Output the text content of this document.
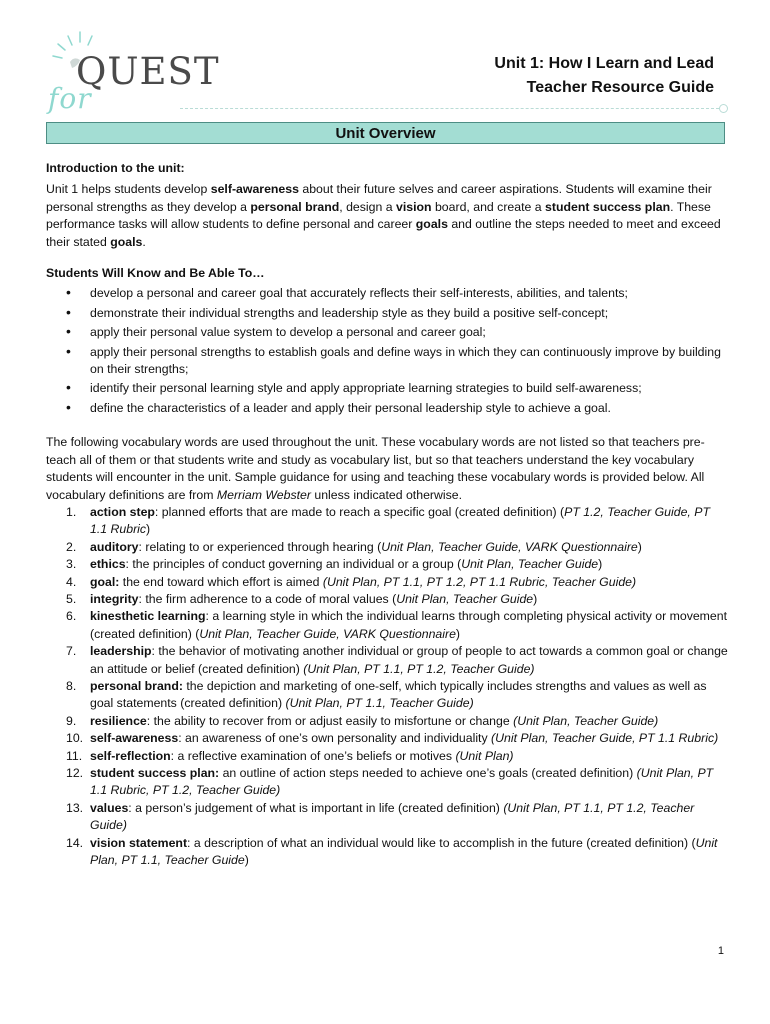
QUEST
for
Unit 1: How I Learn and Lead
Teacher Resource Guide
Unit Overview
Introduction to the unit:
Unit 1 helps students develop self-awareness about their future selves and career aspirations. Students will examine their personal strengths as they develop a personal brand, design a vision board, and create a student success plan. These performance tasks will allow students to define personal and career goals and outline the steps needed to meet and exceed their stated goals.
Students Will Know and Be Able To…
• develop a personal and career goal that accurately reflects their self-interests, abilities, and talents;
• demonstrate their individual strengths and leadership style as they build a positive self-concept;
• apply their personal value system to develop a personal and career goal;
• apply their personal strengths to establish goals and define ways in which they can continuously improve by building on their strengths;
• identify their personal learning style and apply appropriate learning strategies to build self-awareness;
• define the characteristics of a leader and apply their personal leadership style to achieve a goal.
The following vocabulary words are used throughout the unit. These vocabulary words are not listed so that teachers pre-teach all of them or that students write and study as vocabulary list, but so that teachers understand the key vocabulary students will encounter in the unit. Sample guidance for using and teaching these vocabulary words is provided below. All vocabulary definitions are from Merriam Webster unless indicated otherwise.
1.	action step: planned efforts that are made to reach a specific goal (created definition) (PT 1.2, Teacher Guide, PT 1.1 Rubric)
2.	auditory: relating to or experienced through hearing (Unit Plan, Teacher Guide, VARK Questionnaire)
3.	ethics: the principles of conduct governing an individual or a group (Unit Plan, Teacher Guide)
4.	goal: the end toward which effort is aimed (Unit Plan, PT 1.1, PT 1.2, PT 1.1 Rubric, Teacher Guide)
5.	integrity: the firm adherence to a code of moral values (Unit Plan, Teacher Guide)
6.	kinesthetic learning: a learning style in which the individual learns through completing physical activity or movement (created definition) (Unit Plan, Teacher Guide, VARK Questionnaire)
7.	leadership: the behavior of motivating another individual or group of people to act towards a common goal or change an attitude or belief (created definition) (Unit Plan, PT 1.1, PT 1.2, Teacher Guide)
8.	personal brand: the depiction and marketing of one-self, which typically includes strengths and values as well as goal statements (created definition) (Unit Plan, PT 1.1, Teacher Guide)
9.	resilience: the ability to recover from or adjust easily to misfortune or change (Unit Plan, Teacher Guide)
10. self-awareness: an awareness of one’s own personality and individuality (Unit Plan, Teacher Guide, PT 1.1 Rubric)
11. self-reflection: a reflective examination of one’s beliefs or motives (Unit Plan)
12. student success plan: an outline of action steps needed to achieve one’s goals (created definition) (Unit Plan, PT 1.1 Rubric, PT 1.2, Teacher Guide)
13. values: a person’s judgement of what is important in life (created definition) (Unit Plan, PT 1.1, PT 1.2, Teacher Guide)
14. vision statement: a description of what an individual would like to accomplish in the future (created definition) (Unit Plan, PT 1.1, Teacher Guide)
1
